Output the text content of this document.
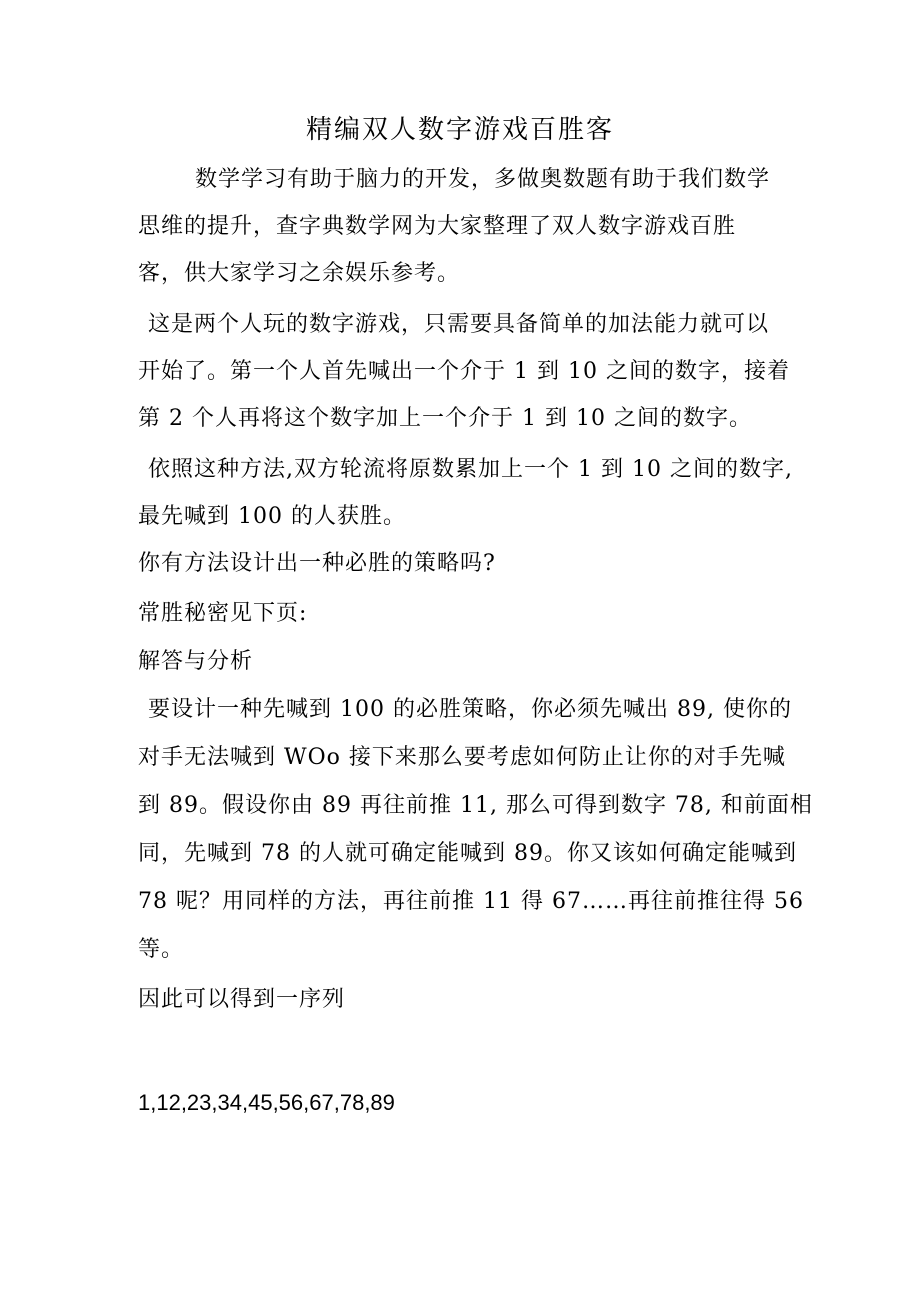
精编双人数字游戏百胜客
数学学习有助于脑力的开发，多做奥数题有助于我们数学
思维的提升，查字典数学网为大家整理了双人数字游戏百胜
客，供大家学习之余娱乐参考。
这是两个人玩的数字游戏，只需要具备简单的加法能力就可以
开始了。第一个人首先喊出一个介于 1 到 10 之间的数字，接着
第 2 个人再将这个数字加上一个介于 1 到 10 之间的数字。
依照这种方法,双方轮流将原数累加上一个 1 到 10 之间的数字,
最先喊到 100 的人获胜。
你有方法设计出一种必胜的策略吗?
常胜秘密见下页:
解答与分析
要设计一种先喊到 100 的必胜策略，你必须先喊出 89, 使你的
对手无法喊到 WOo 接下来那么要考虑如何防止让你的对手先喊
到 89。假设你由 89 再往前推 11, 那么可得到数字 78, 和前面相
同，先喊到 78 的人就可确定能喊到 89。你又该如何确定能喊到
78 呢？用同样的方法，再往前推 11 得 67……再往前推往得 56
等。
因此可以得到一序列
1,12,23,34,45,56,67,78,89
